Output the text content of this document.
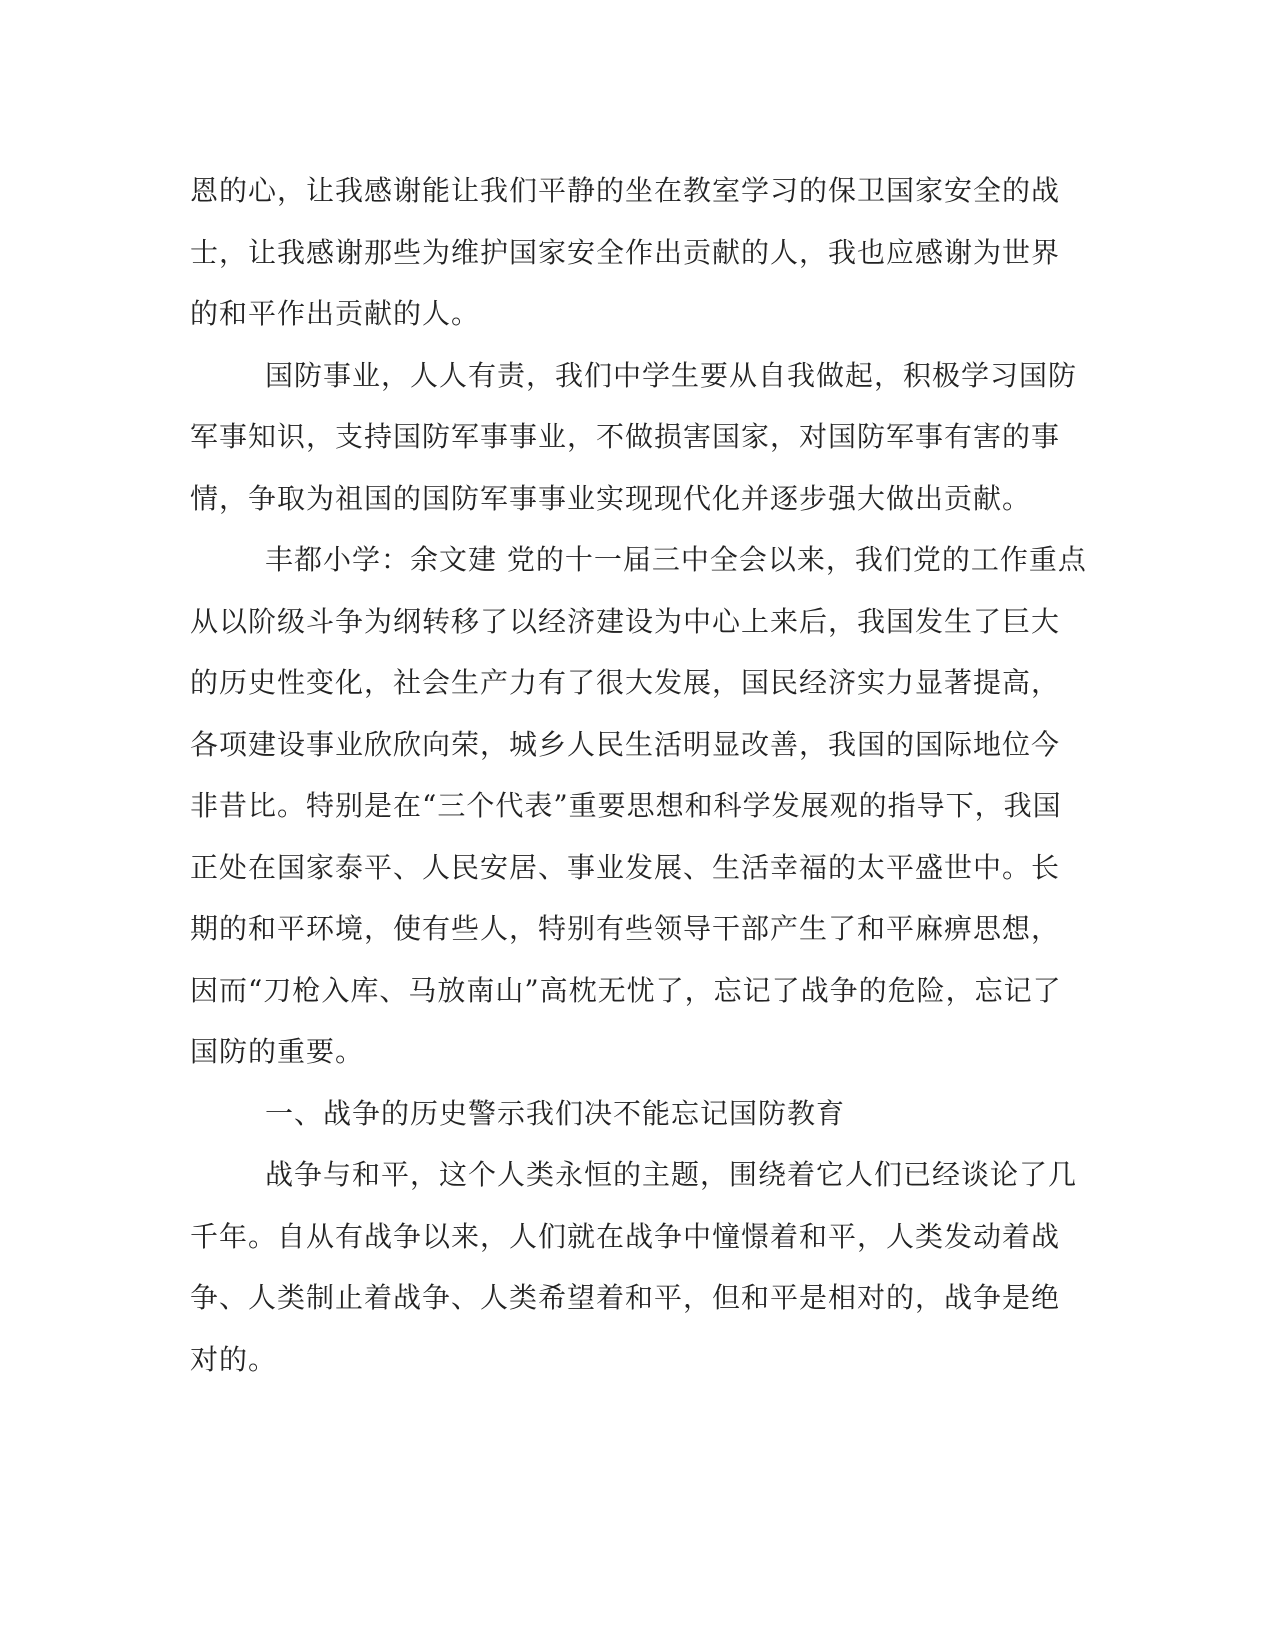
恩的心，让我感谢能让我们平静的坐在教室学习的保卫国家安全的战
士，让我感谢那些为维护国家安全作出贡献的人，我也应感谢为世界
的和平作出贡献的人。
国防事业，人人有责，我们中学生要从自我做起，积极学习国防
军事知识，支持国防军事事业，不做损害国家，对国防军事有害的事
情，争取为祖国的国防军事事业实现现代化并逐步强大做出贡献。
丰都小学：余文建 党的十一届三中全会以来，我们党的工作重点
从以阶级斗争为纲转移了以经济建设为中心上来后，我国发生了巨大
的历史性变化，社会生产力有了很大发展，国民经济实力显著提高，
各项建设事业欣欣向荣，城乡人民生活明显改善，我国的国际地位今
非昔比。特别是在“三个代表”重要思想和科学发展观的指导下，我国
正处在国家泰平、人民安居、事业发展、生活幸福的太平盛世中。长
期的和平环境，使有些人，特别有些领导干部产生了和平麻痹思想，
因而“刀枪入库、马放南山”高枕无忧了，忘记了战争的危险，忘记了
国防的重要。
一、战争的历史警示我们决不能忘记国防教育
战争与和平，这个人类永恒的主题，围绕着它人们已经谈论了几
千年。自从有战争以来，人们就在战争中憧憬着和平，人类发动着战
争、人类制止着战争、人类希望着和平，但和平是相对的，战争是绝
对的。
